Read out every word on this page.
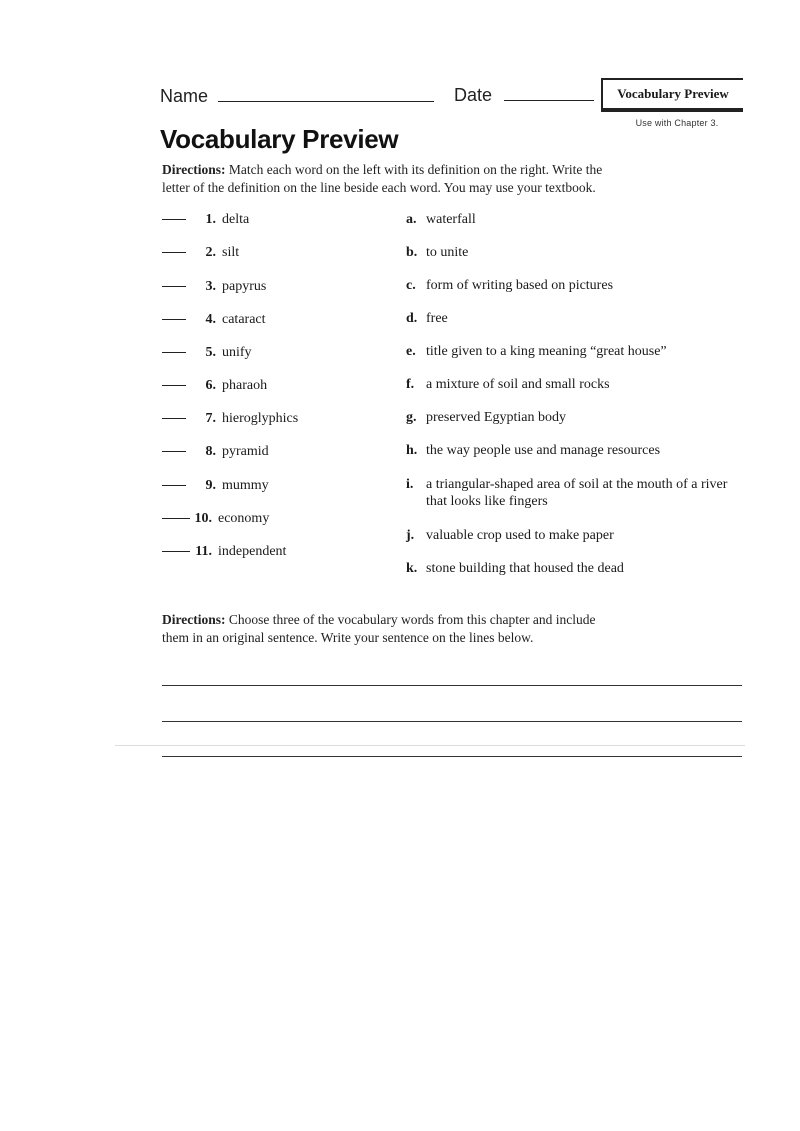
Name	Date	Vocabulary Preview
Use with Chapter 3.
Vocabulary Preview
Directions: Match each word on the left with its definition on the right. Write the
letter of the definition on the line beside each word. You may use your textbook.
1. delta
2. silt
3. papyrus
4. cataract
5. unify
6. pharaoh
7. hieroglyphics
8. pyramid
9. mummy
10. economy
11. independent
a. waterfall
b. to unite
c. form of writing based on pictures
d. free
e. title given to a king meaning “great house”
f. a mixture of soil and small rocks
g. preserved Egyptian body
h. the way people use and manage resources
i. a triangular-shaped area of soil at the mouth of a river that looks like fingers
j. valuable crop used to make paper
k. stone building that housed the dead
Directions: Choose three of the vocabulary words from this chapter and include
them in an original sentence. Write your sentence on the lines below.
